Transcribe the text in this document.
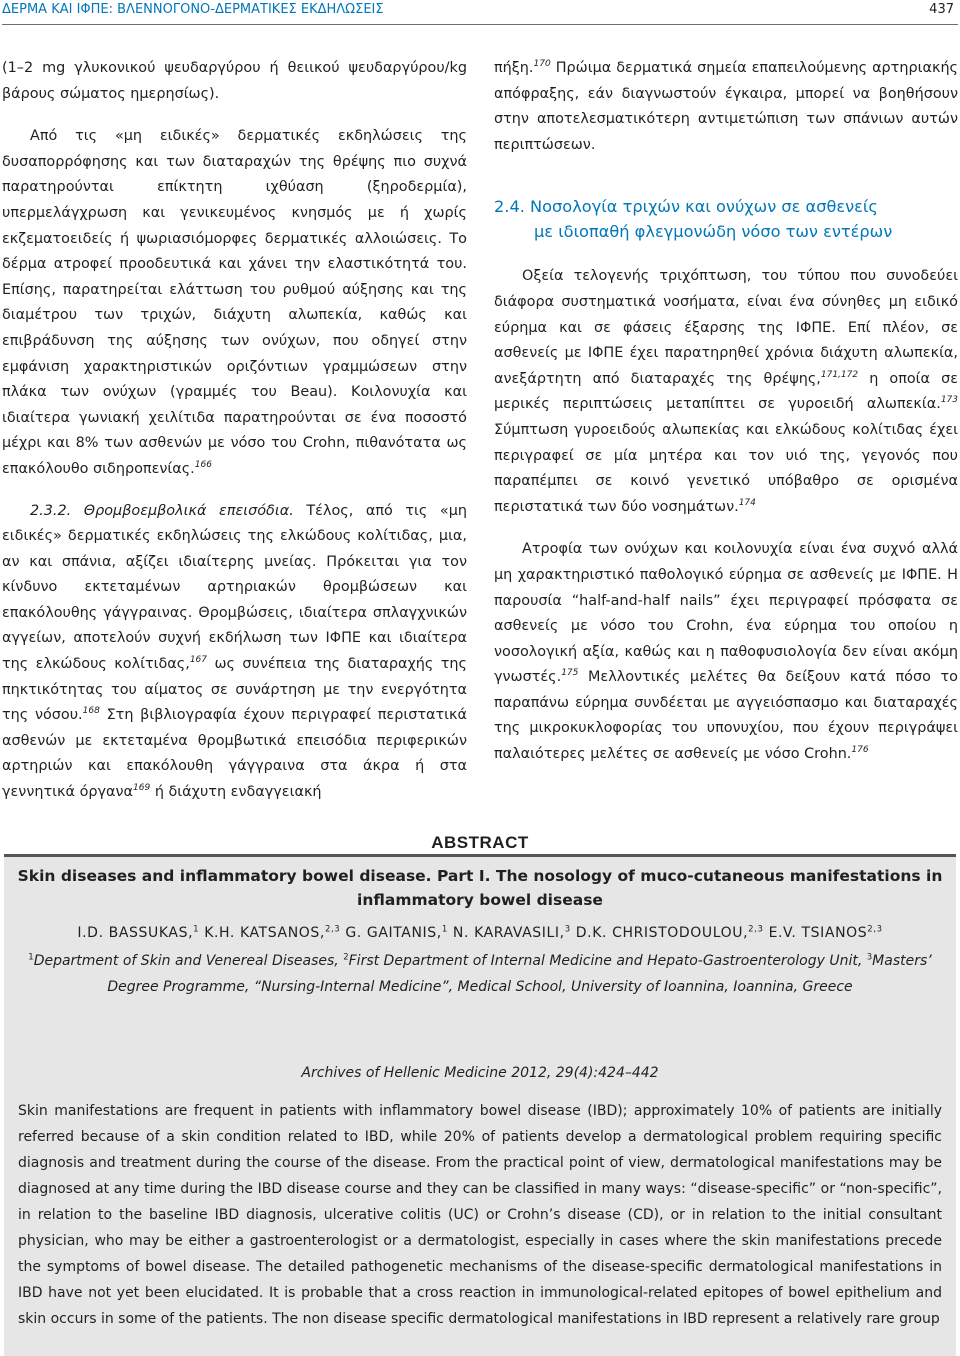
ΔΕΡΜΑ ΚΑΙ ΙΦΠΕ: ΒΛΕΝΝΟΓΟΝΟ-ΔΕΡΜΑΤΙΚΕΣ ΕΚΔΗΛΩΣΕΙΣ	437

(1–2 mg γλυκονικού ψευδαργύρου ή θειικού ψευδαργύρου/kg βάρους σώματος ημερησίως).

Από τις «μη ειδικές» δερματικές εκδηλώσεις της δυσαπορρόφησης και των διαταραχών της θρέψης πιο συχνά παρατηρούνται επίκτητη ιχθύαση (ξηροδερμία), υπερμελάγχρωση και γενικευμένος κνησμός με ή χωρίς εκζεματοειδείς ή ψωριασιόμορφες δερματικές αλλοιώσεις. Το δέρμα ατροφεί προοδευτικά και χάνει την ελαστικότητά του. Επίσης, παρατηρείται ελάττωση του ρυθμού αύξησης και της διαμέτρου των τριχών, διάχυτη αλωπεκία, καθώς και επιβράδυνση της αύξησης των ονύχων, που οδηγεί στην εμφάνιση χαρακτηριστικών οριζόντιων γραμμώσεων στην πλάκα των ονύχων (γραμμές του Beau). Κοιλονυχία και ιδιαίτερα γωνιακή χειλίτιδα παρατηρούνται σε ένα ποσοστό μέχρι και 8% των ασθενών με νόσο του Crohn, πιθανότατα ως επακόλουθο σιδηροπενίας.$^{166}$

2.3.2. Θρομβοεμβολικά επεισόδια. Τέλος, από τις «μη ειδικές» δερματικές εκδηλώσεις της ελκώδους κολίτιδας, μια, αν και σπάνια, αξίζει ιδιαίτερης μνείας. Πρόκειται για τον κίνδυνο εκτεταμένων αρτηριακών θρομβώσεων και επακόλουθης γάγγραινας. Θρομβώσεις, ιδιαίτερα σπλαγχνικών αγγείων, αποτελούν συχνή εκδήλωση των ΙΦΠΕ και ιδιαίτερα της ελκώδους κολίτιδας,$^{167}$ ως συνέπεια της διαταραχής της πηκτικότητας του αίματος σε συνάρτηση με την ενεργότητα της νόσου.$^{168}$ Στη βιβλιογραφία έχουν περιγραφεί περιστατικά ασθενών με εκτεταμένα θρομβωτικά επεισόδια περιφερικών αρτηριών και επακόλουθη γάγγραινα στα άκρα ή στα γεννητικά όργανα$^{169}$ ή διάχυτη ενδαγγειακή

πήξη.$^{170}$ Πρώιμα δερματικά σημεία επαπειλούμενης αρτηριακής απόφραξης, εάν διαγνωστούν έγκαιρα, μπορεί να βοηθήσουν στην αποτελεσματικότερη αντιμετώπιση των σπάνιων αυτών περιπτώσεων.

2.4. Νοσολογία τριχών και ονύχων σε ασθενείς
με ιδιοπαθή φλεγμονώδη νόσο των εντέρων

Οξεία τελογενής τριχόπτωση, του τύπου που συνοδεύει διάφορα συστηματικά νοσήματα, είναι ένα σύνηθες μη ειδικό εύρημα και σε φάσεις έξαρσης της ΙΦΠΕ. Επί πλέον, σε ασθενείς με ΙΦΠΕ έχει παρατηρηθεί χρόνια διάχυτη αλωπεκία, ανεξάρτητη από διαταραχές της θρέψης,$^{171,172}$ η οποία σε μερικές περιπτώσεις μεταπίπτει σε γυροειδή αλωπεκία.$^{173}$ Σύμπτωση γυροειδούς αλωπεκίας και ελκώδους κολίτιδας έχει περιγραφεί σε μία μητέρα και τον υιό της, γεγονός που παραπέμπει σε κοινό γενετικό υπόβαθρο σε ορισμένα περιστατικά των δύο νοσημάτων.$^{174}$

Ατροφία των ονύχων και κοιλονυχία είναι ένα συχνό αλλά μη χαρακτηριστικό παθολογικό εύρημα σε ασθενείς με ΙΦΠΕ. Η παρουσία “half-and-half nails” έχει περιγραφεί πρόσφατα σε ασθενείς με νόσο του Crohn, ένα εύρημα του οποίου η νοσολογική αξία, καθώς και η παθοφυσιολογία δεν είναι ακόμη γνωστές.$^{175}$ Μελλοντικές μελέτες θα δείξουν κατά πόσο το παραπάνω εύρημα συνδέεται με αγγειόσπασμο και διαταραχές της μικροκυκλοφορίας του υπονυχίου, που έχουν περιγράψει παλαιότερες μελέτες σε ασθενείς με νόσο Crohn.$^{176}$

ABSTRACT
Skin diseases and inflammatory bowel disease. Part I. The nosology of muco-cutaneous manifestations in inflammatory bowel disease
I.D. BASSUKAS,$^1$ K.H. KATSANOS,$^{2,3}$ G. GAITANIS,$^1$ N. KARAVASILI,$^3$ D.K. CHRISTODOULOU,$^{2,3}$ E.V. TSIANOS$^{2,3}$
$^1$Department of Skin and Venereal Diseases, $^2$First Department of Internal Medicine and Hepato-Gastroenterology Unit, $^3$Masters’ Degree Programme, “Nursing-Internal Medicine”, Medical School, University of Ioannina, Ioannina, Greece
Archives of Hellenic Medicine 2012, 29(4):424–442

Skin manifestations are frequent in patients with inflammatory bowel disease (IBD); approximately 10% of patients are initially referred because of a skin condition related to IBD, while 20% of patients develop a dermatological problem requiring specific diagnosis and treatment during the course of the disease. From the practical point of view, dermatological manifestations may be diagnosed at any time during the IBD disease course and they can be classified in many ways: “disease-specific” or “non-specific”, in relation to the baseline IBD diagnosis, ulcerative colitis (UC) or Crohn’s disease (CD), or in relation to the initial consultant physician, who may be either a gastroenterologist or a dermatologist, especially in cases where the skin manifestations precede the symptoms of bowel disease. The detailed pathogenetic mechanisms of the disease-specific dermatological manifestations in IBD have not yet been elucidated. It is probable that a cross reaction in immunological-related epitopes of bowel epithelium and skin occurs in some of the patients. The non disease specific dermatological manifestations in IBD represent a relatively rare group
